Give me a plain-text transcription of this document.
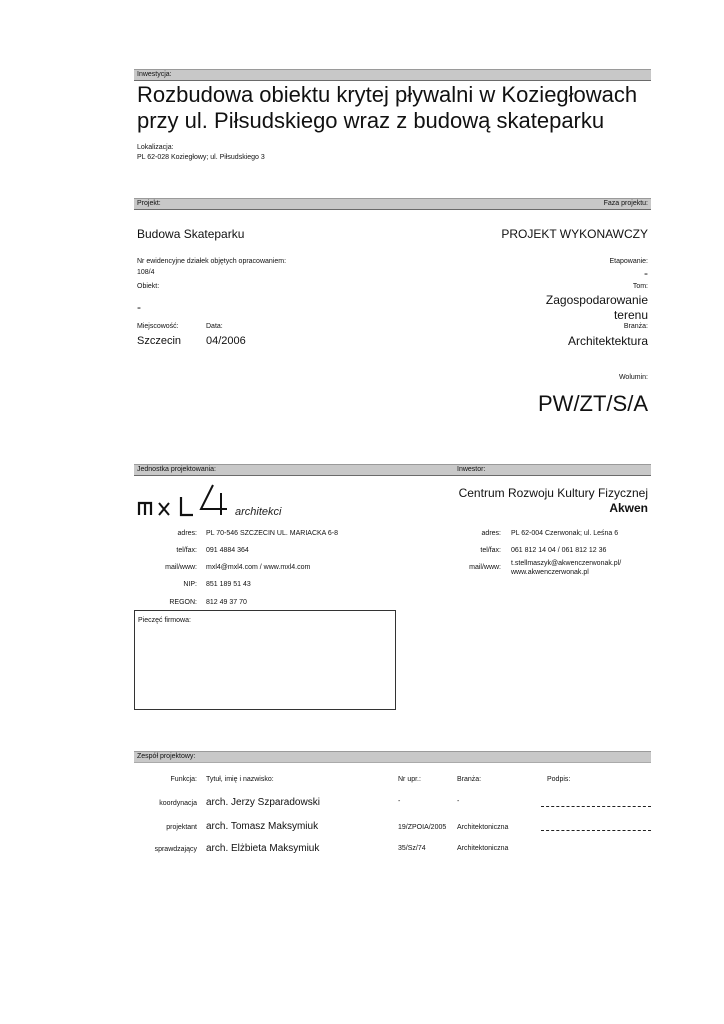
Inwestycja:
Rozbudowa obiektu krytej pływalni w Koziegłowach
przy ul. Piłsudskiego wraz z budową skateparku
Lokalizacja:
PL 62-028 Koziegłowy; ul. Piłsudskiego 3
Projekt:	Faza projektu:
Budowa Skateparku	PROJEKT WYKONAWCZY
Nr ewidencyjne działek objętych opracowaniem:
108/4
Etapowanie:
-
Obiekt:
-
Tom:
Zagospodarowanie
terenu
Miejscowość:	Data:	Branża:
Szczecin 04/2006	Architektektura
Wolumin:
PW/ZT/S/A
Jednostka projektowania:	Inwestor:
architekci
Centrum Rozwoju Kultury Fizycznej
Akwen
adres: PL 70-546 SZCZECIN UL. MARIACKA 6-8
tel/fax: 091 4884 364
mail/www: mxl4@mxl4.com / www.mxl4.com
NIP: 851 189 51 43
REGON: 812 49 37 70
adres: PL 62-004 Czerwonak; ul. Leśna 6
tel/fax: 061 812 14 04 / 061 812 12 36
mail/www:
t.stellmaszyk@akwenczerwonak.pl/
www.akwenczerwonak.pl
Pieczęć firmowa:
Zespół projektowy:
Funkcja: Tytuł, imię i nazwisko:	Nr upr.:	Branża:	Podpis:
koordynacja arch. Jerzy Szparadowski	-	-
projektant arch. Tomasz Maksymiuk	19/ZPOIA/2005 Architektoniczna
sprawdzający arch. Elżbieta Maksymiuk	35/Sz/74	Architektoniczna
